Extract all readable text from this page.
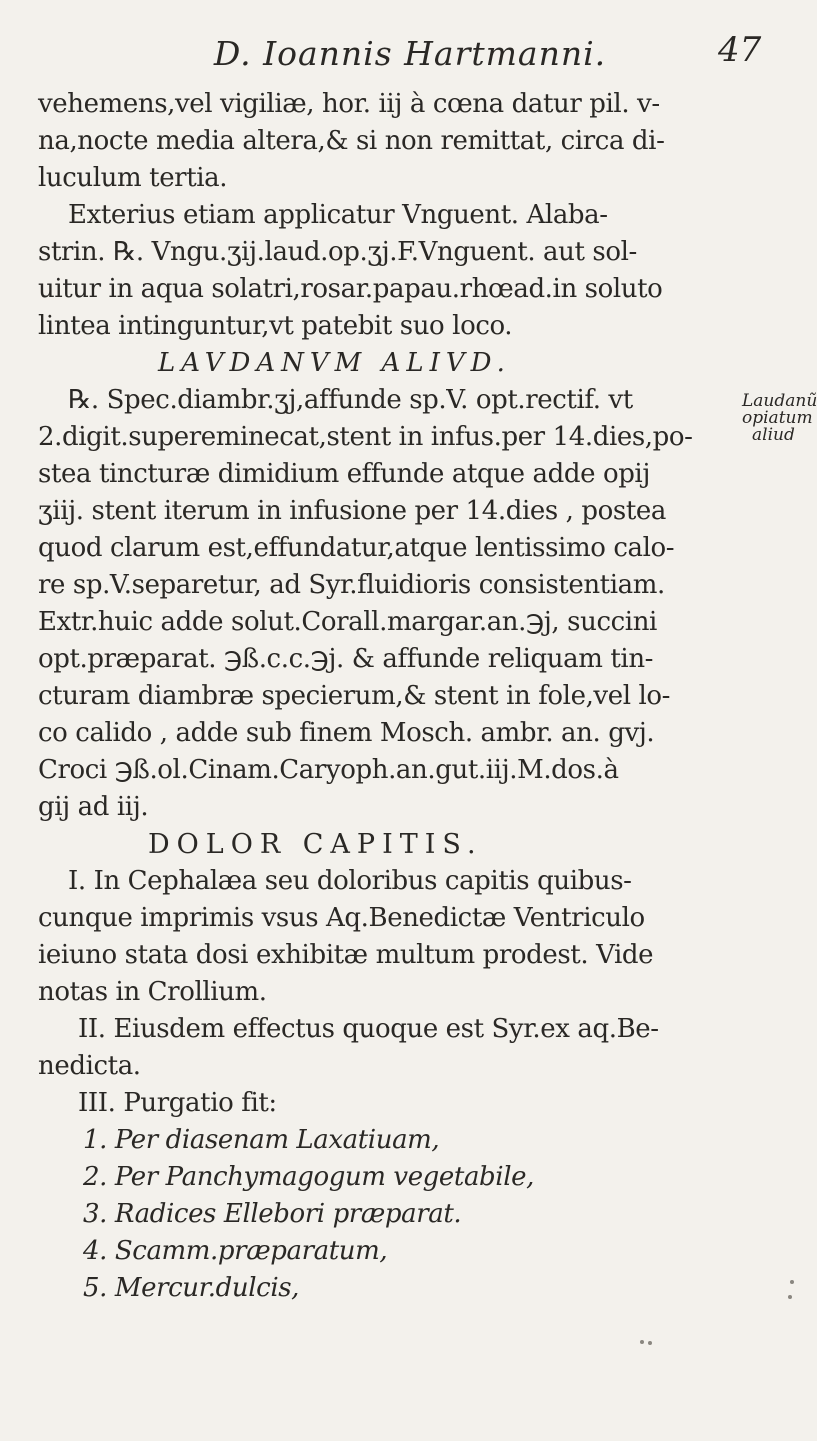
D. Ioannis Hartmanni.	47
vehemens,vel vigiliæ, hor. iij à cœna datur pil. v-
na,nocte media altera,& si non remittat, circa di-
luculum tertia.
Exterius etiam applicatur Vnguent. Alaba-
strin. ℞. Vngu.ʒij.laud.op.ʒj.F.Vnguent. aut sol-
uitur in aqua solatri,rosar.papau.rhœad.in soluto
lintea intinguntur,vt patebit suo loco.
LAVDANVM ALIVD.
℞. Spec.diambr.ʒj,affunde sp.V. opt.rectif. vt
2.digit.supereminecat,stent in infus.per 14.dies,po-
stea tincturæ dimidium effunde atque adde opij
ʒiij. stent iterum in infusione per 14.dies , postea
quod clarum est,effundatur,atque lentissimo calo-
re sp.V.separetur, ad Syr.fluidioris consistentiam.
Extr.huic adde solut.Corall.margar.an.℈j, succini
opt.præparat. ℈ß.c.c.℈j. & affunde reliquam tin-
cturam diambræ specierum,& stent in fole,vel lo-
co calido , adde sub finem Mosch. ambr. an. gvj.
Croci ℈ß.ol.Cinam.Caryoph.an.gut.iij.M.dos.à
gij ad iij.
DOLOR CAPITIS.
I. In Cephalæa seu doloribus capitis quibus-
cunque imprimis vsus Aq.Benedictæ Ventriculo
ieiuno stata dosi exhibitæ multum prodest. Vide
notas in Crollium.
II. Eiusdem effectus quoque est Syr.ex aq.Be-
nedicta.
III. Purgatio fit:
1. Per diasenam Laxatiuam,
2. Per Panchymagogum vegetabile,
3. Radices Ellebori præparat.
4. Scamm.præparatum,
5. Mercur.dulcis,
Laudanũ
opiatum
aliud
